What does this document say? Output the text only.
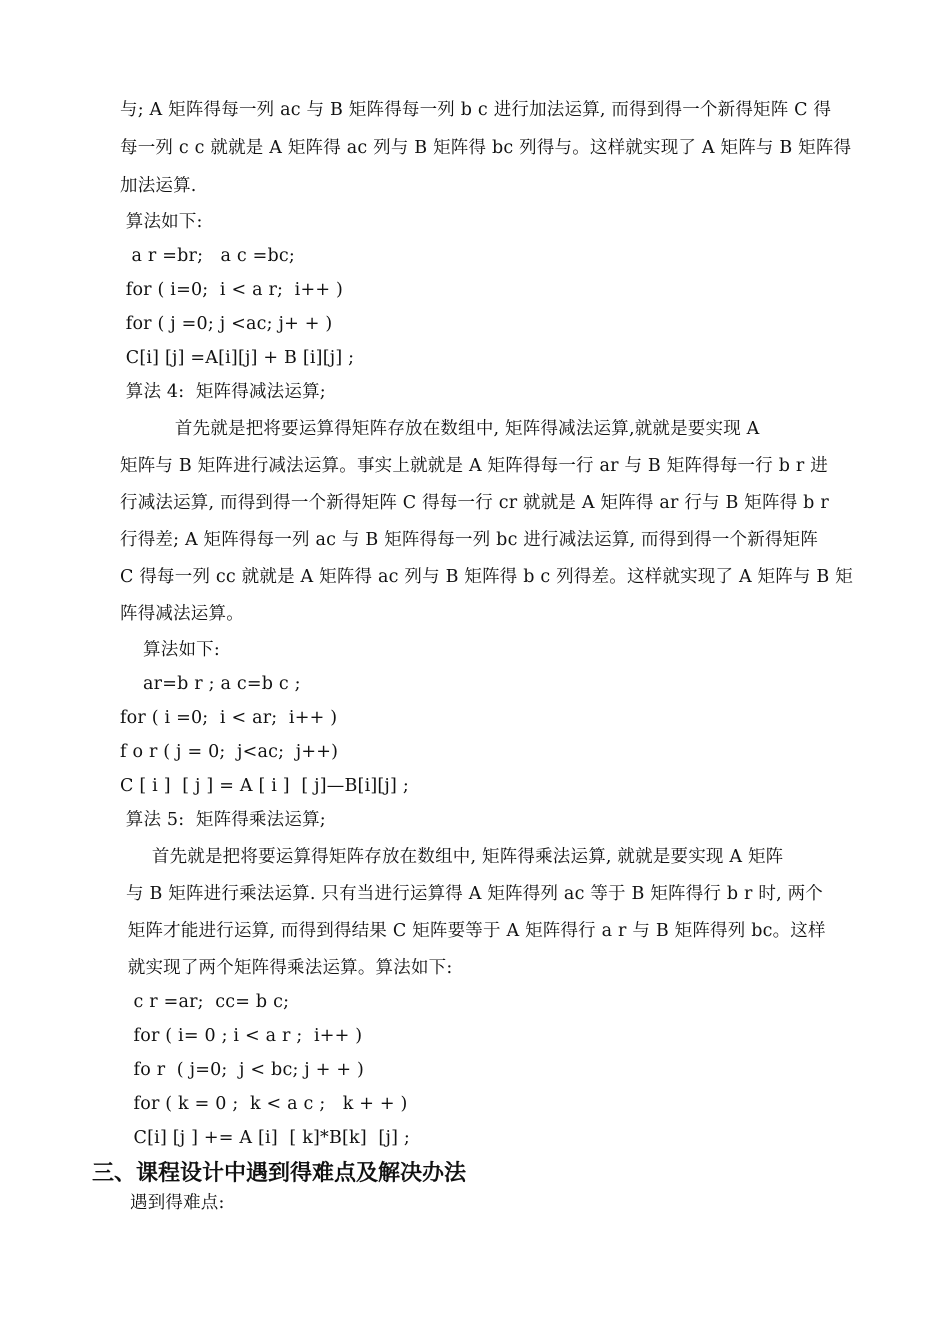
与; A 矩阵得每一列 ac 与 B 矩阵得每一列 b c 进行加法运算, 而得到得一个新得矩阵 C 得
每一列 c c 就就是 A 矩阵得 ac 列与 B 矩阵得 bc 列得与。这样就实现了 A 矩阵与 B 矩阵得
加法运算.
算法如下:
a r =br;   a c =bc;
for ( i=0;  i < a r;  i++ )
for ( j =0; j <ac; j+ + )
C[i] [j] =A[i][j] + B [i][j] ;
算法 4:  矩阵得减法运算;
首先就是把将要运算得矩阵存放在数组中, 矩阵得减法运算,就就是要实现 A
矩阵与 B 矩阵进行减法运算。事实上就就是 A 矩阵得每一行 ar 与 B 矩阵得每一行 b r 进
行减法运算, 而得到得一个新得矩阵 C 得每一行 cr 就就是 A 矩阵得 ar 行与 B 矩阵得 b r
行得差; A 矩阵得每一列 ac 与 B 矩阵得每一列 bc 进行减法运算, 而得到得一个新得矩阵
C 得每一列 cc 就就是 A 矩阵得 ac 列与 B 矩阵得 b c 列得差。这样就实现了 A 矩阵与 B 矩
阵得减法运算。
算法如下:
ar=b r ; a c=b c ;
for ( i =0;  i < ar;  i++ )
f o r ( j = 0;  j<ac;  j++)
C [ i ]  [ j ] = A [ i ]  [ j]—B[i][j] ;
算法 5:  矩阵得乘法运算;
首先就是把将要运算得矩阵存放在数组中, 矩阵得乘法运算, 就就是要实现 A 矩阵
与 B 矩阵进行乘法运算. 只有当进行运算得 A 矩阵得列 ac 等于 B 矩阵得行 b r 时, 两个
矩阵才能进行运算, 而得到得结果 C 矩阵要等于 A 矩阵得行 a r 与 B 矩阵得列 bc。这样
就实现了两个矩阵得乘法运算。算法如下:
c r =ar;  cc= b c;
for ( i= 0 ; i < a r ;  i++ )
fo r  ( j=0;  j < bc; j + + )
for ( k = 0 ;  k < a c ;   k + + )
C[i] [j ] += A [i]  [ k]*B[k]  [j] ;
三、课程设计中遇到得难点及解决办法
遇到得难点:
